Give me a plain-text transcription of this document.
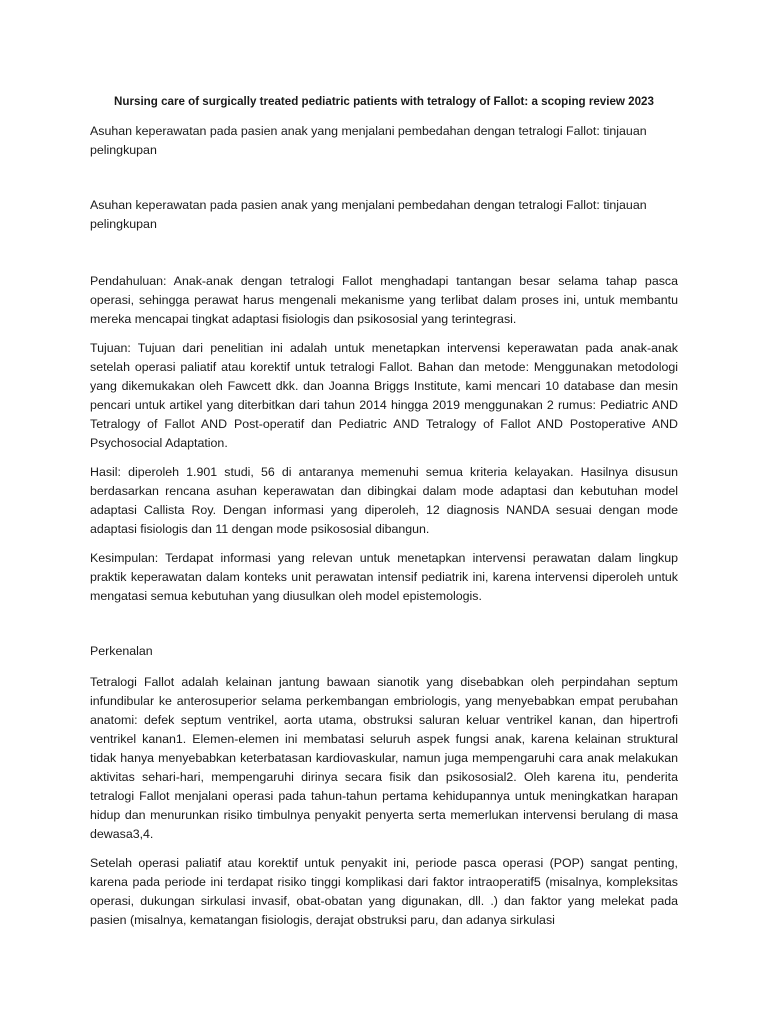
Nursing care of surgically treated pediatric patients with tetralogy of Fallot: a scoping review 2023

Asuhan keperawatan pada pasien anak yang menjalani pembedahan dengan tetralogi Fallot: tinjauan pelingkupan

Asuhan keperawatan pada pasien anak yang menjalani pembedahan dengan tetralogi Fallot: tinjauan pelingkupan

Pendahuluan: Anak-anak dengan tetralogi Fallot menghadapi tantangan besar selama tahap pasca operasi, sehingga perawat harus mengenali mekanisme yang terlibat dalam proses ini, untuk membantu mereka mencapai tingkat adaptasi fisiologis dan psikososial yang terintegrasi.

Tujuan: Tujuan dari penelitian ini adalah untuk menetapkan intervensi keperawatan pada anak-anak setelah operasi paliatif atau korektif untuk tetralogi Fallot. Bahan dan metode: Menggunakan metodologi yang dikemukakan oleh Fawcett dkk. dan Joanna Briggs Institute, kami mencari 10 database dan mesin pencari untuk artikel yang diterbitkan dari tahun 2014 hingga 2019 menggunakan 2 rumus: Pediatric AND Tetralogy of Fallot AND Post-operatif dan Pediatric AND Tetralogy of Fallot AND Postoperative AND Psychosocial Adaptation.

Hasil: diperoleh 1.901 studi, 56 di antaranya memenuhi semua kriteria kelayakan. Hasilnya disusun berdasarkan rencana asuhan keperawatan dan dibingkai dalam mode adaptasi dan kebutuhan model adaptasi Callista Roy. Dengan informasi yang diperoleh, 12 diagnosis NANDA sesuai dengan mode adaptasi fisiologis dan 11 dengan mode psikososial dibangun.

Kesimpulan: Terdapat informasi yang relevan untuk menetapkan intervensi perawatan dalam lingkup praktik keperawatan dalam konteks unit perawatan intensif pediatrik ini, karena intervensi diperoleh untuk mengatasi semua kebutuhan yang diusulkan oleh model epistemologis.

Perkenalan

Tetralogi Fallot adalah kelainan jantung bawaan sianotik yang disebabkan oleh perpindahan septum infundibular ke anterosuperior selama perkembangan embriologis, yang menyebabkan empat perubahan anatomi: defek septum ventrikel, aorta utama, obstruksi saluran keluar ventrikel kanan, dan hipertrofi ventrikel kanan1. Elemen-elemen ini membatasi seluruh aspek fungsi anak, karena kelainan struktural tidak hanya menyebabkan keterbatasan kardiovaskular, namun juga mempengaruhi cara anak melakukan aktivitas sehari-hari, mempengaruhi dirinya secara fisik dan psikososial2. Oleh karena itu, penderita tetralogi Fallot menjalani operasi pada tahun-tahun pertama kehidupannya untuk meningkatkan harapan hidup dan menurunkan risiko timbulnya penyakit penyerta serta memerlukan intervensi berulang di masa dewasa3,4.

Setelah operasi paliatif atau korektif untuk penyakit ini, periode pasca operasi (POP) sangat penting, karena pada periode ini terdapat risiko tinggi komplikasi dari faktor intraoperatif5 (misalnya, kompleksitas operasi, dukungan sirkulasi invasif, obat-obatan yang digunakan, dll. .) dan faktor yang melekat pada pasien (misalnya, kematangan fisiologis, derajat obstruksi paru, dan adanya sirkulasi
